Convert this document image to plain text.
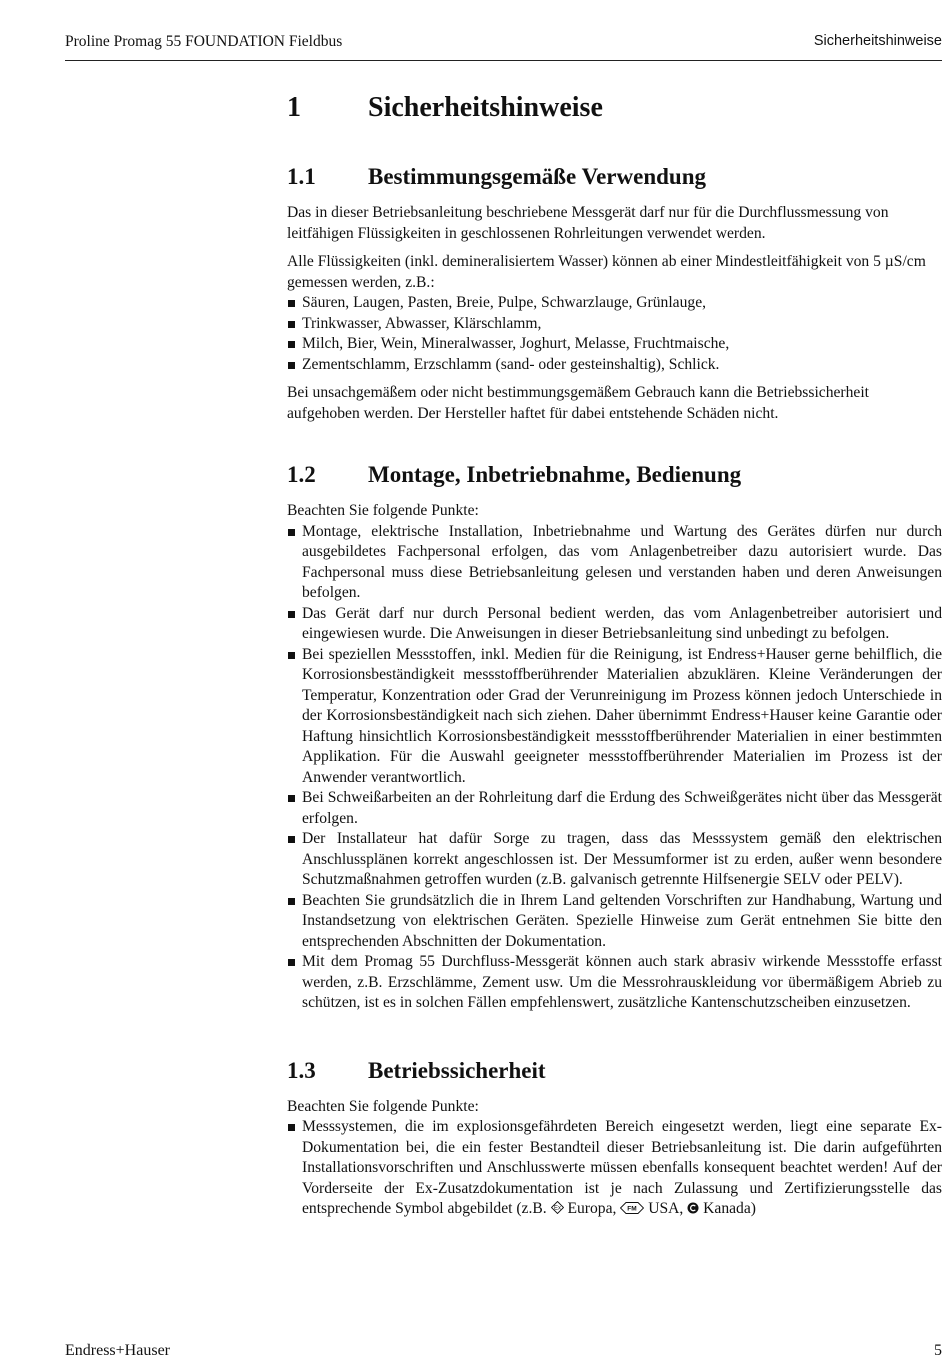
Proline Promag 55 FOUNDATION Fieldbus	Sicherheitshinweise
1 Sicherheitshinweise
1.1 Bestimmungsgemäße Verwendung

Das in dieser Betriebsanleitung beschriebene Messgerät darf nur für die Durchflussmessung von leitfähigen Flüssigkeiten in geschlossenen Rohrleitungen verwendet werden.

Alle Flüssigkeiten (inkl. demineralisiertem Wasser) können ab einer Mindestleitfähigkeit von 5 µS/cm gemessen werden, z.B.:

Säuren, Laugen, Pasten, Breie, Pulpe, Schwarzlauge, Grünlauge,
Trinkwasser, Abwasser, Klärschlamm,
Milch, Bier, Wein, Mineralwasser, Joghurt, Melasse, Fruchtmaische,
Zementschlamm, Erzschlamm (sand- oder gesteinshaltig), Schlick.

Bei unsachgemäßem oder nicht bestimmungsgemäßem Gebrauch kann die Betriebssicherheit aufgehoben werden. Der Hersteller haftet für dabei entstehende Schäden nicht.

1.2 Montage, Inbetriebnahme, Bedienung

Beachten Sie folgende Punkte:

Montage, elektrische Installation, Inbetriebnahme und Wartung des Gerätes dürfen nur durch ausgebildetes Fachpersonal erfolgen, das vom Anlagenbetreiber dazu autorisiert wurde. Das Fachpersonal muss diese Betriebsanleitung gelesen und verstanden haben und deren Anweisungen befolgen.
Das Gerät darf nur durch Personal bedient werden, das vom Anlagenbetreiber autorisiert und eingewiesen wurde. Die Anweisungen in dieser Betriebsanleitung sind unbedingt zu befolgen.
Bei speziellen Messstoffen, inkl. Medien für die Reinigung, ist Endress+Hauser gerne behilflich, die Korrosionsbeständigkeit messstoffberührender Materialien abzuklären. Kleine Veränderungen der Temperatur, Konzentration oder Grad der Verunreinigung im Prozess können jedoch Unterschiede in der Korrosionsbeständigkeit nach sich ziehen. Daher übernimmt Endress+Hauser keine Garantie oder Haftung hinsichtlich Korrosionsbeständigkeit messstoffberührender Materialien in einer bestimmten Applikation. Für die Auswahl geeigneter messstoffberührender Materialien im Prozess ist der Anwender verantwortlich.
Bei Schweißarbeiten an der Rohrleitung darf die Erdung des Schweißgerätes nicht über das Messgerät erfolgen.
Der Installateur hat dafür Sorge zu tragen, dass das Messsystem gemäß den elektrischen Anschlussplänen korrekt angeschlossen ist. Der Messumformer ist zu erden, außer wenn besondere Schutzmaßnahmen getroffen wurden (z.B. galvanisch getrennte Hilfsenergie SELV oder PELV).
Beachten Sie grundsätzlich die in Ihrem Land geltenden Vorschriften zur Handhabung, Wartung und Instandsetzung von elektrischen Geräten. Spezielle Hinweise zum Gerät entnehmen Sie bitte den entsprechenden Abschnitten der Dokumentation.
Mit dem Promag 55 Durchfluss-Messgerät können auch stark abrasiv wirkende Messstoffe erfasst werden, z.B. Erzschlämme, Zement usw. Um die Messrohrauskleidung vor übermäßigem Abrieb zu schützen, ist es in solchen Fällen empfehlenswert, zusätzliche Kantenschutzscheiben einzusetzen.
1.3 Betriebssicherheit

Beachten Sie folgende Punkte:

Messsystemen, die im explosionsgefährdeten Bereich eingesetzt werden, liegt eine separate Ex-Dokumentation bei, die ein fester Bestandteil dieser Betriebsanleitung ist. Die darin aufgeführten Installationsvorschriften und Anschlusswerte müssen ebenfalls konsequent beachtet werden! Auf der Vorderseite der Ex-Zusatzdokumentation ist je nach Zulassung und Zertifizierungsstelle das entsprechende Symbol abgebildet (z.B. Ex Europa, FM USA, Kanada)
Endress+Hauser	5
